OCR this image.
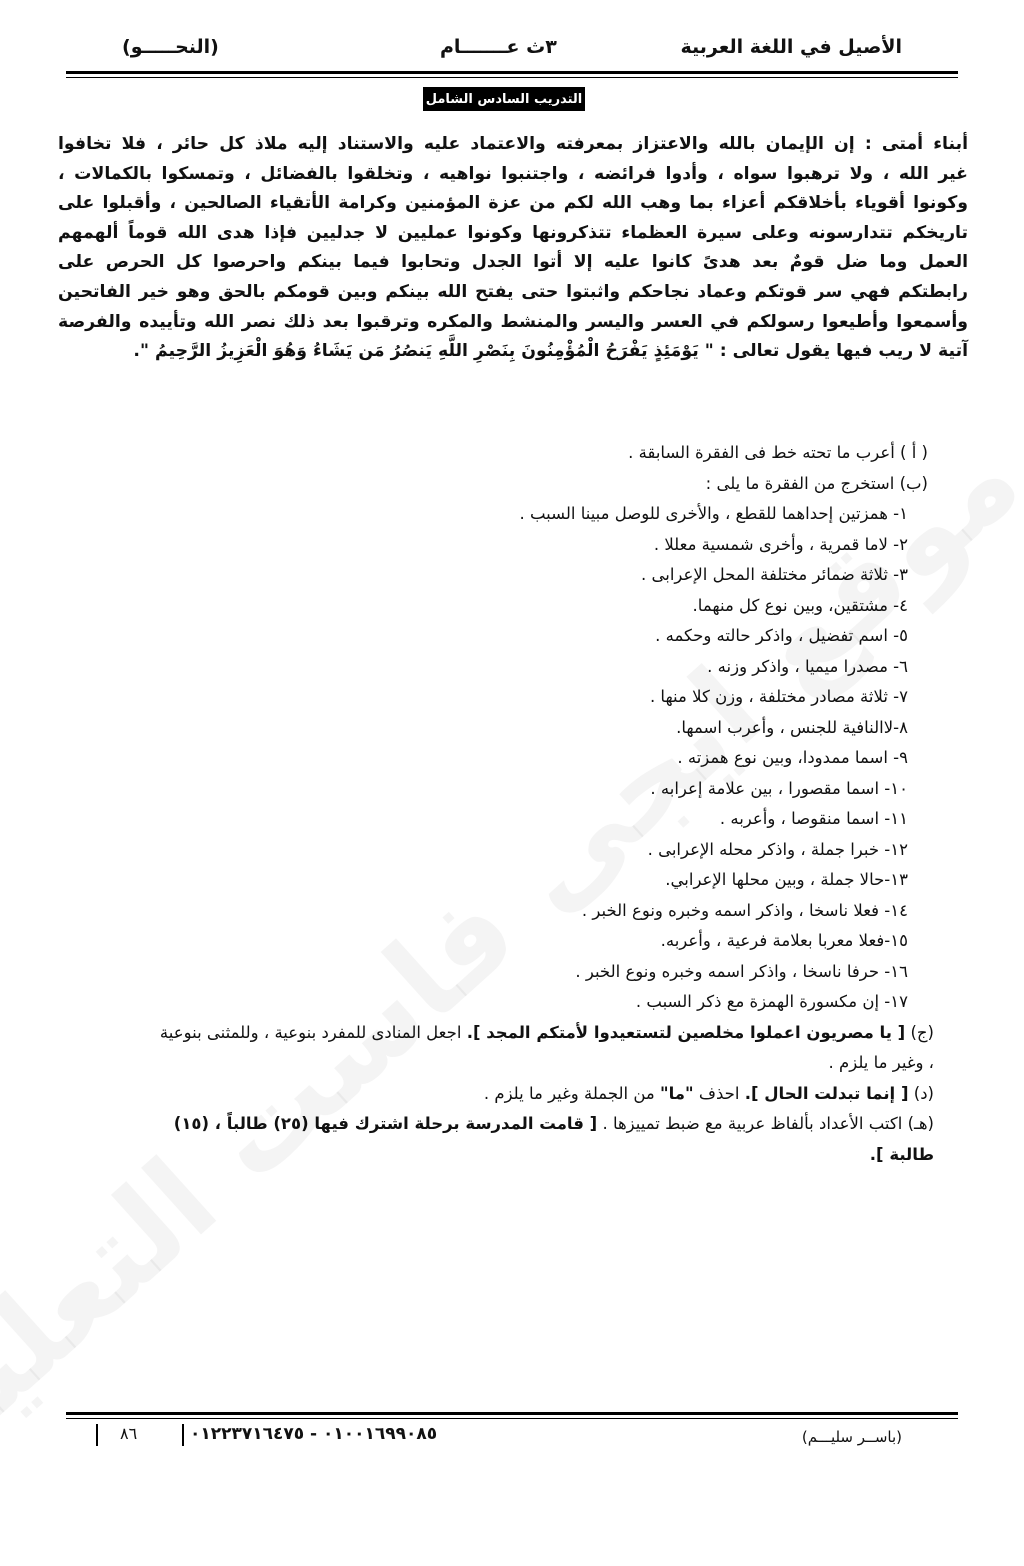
الأصيل في اللغة العربية
٣ث عـــــــام
(النحـــــو)
التدريب السادس الشامل

أبناء أمتى : إن الإيمان بالله والاعتزاز بمعرفته والاعتماد عليه والاستناد إليه ملاذ كل حائر ، فلا تخافوا

غير الله ، ولا ترهبوا سواه ، وأدوا فرائضه ، واجتنبوا نواهيه ، وتخلقوا بالفضائل ، وتمسكوا بالكمالات ،

وكونوا أقوياء بأخلاقكم أعزاء بما وهب الله لكم من عزة المؤمنين وكرامة الأتقياء الصالحين ، وأقبلوا على

تاريخكم تتدارسونه وعلى سيرة العظماء تتذكرونها وكونوا عمليين لا جدليين فإذا هدى الله قوماً ألهمهم

العمل وما ضل قومٌ بعد هدىً كانوا عليه إلا أتوا الجدل وتحابوا فيما بينكم واحرصوا كل الحرص على

رابطتكم فهي سر قوتكم وعماد نجاحكم واثبتوا حتى يفتح الله بينكم وبين قومكم بالحق وهو خير الفاتحين

وأسمعوا وأطيعوا رسولكم في العسر واليسر والمنشط والمكره وترقبوا بعد ذلك نصر الله وتأييده والفرصة

آتية لا ريب فيها يقول تعالى : " يَوْمَئِذٍ يَفْرَحُ الْمُؤْمِنُونَ بِنَصْرِ اللَّهِ يَنصُرُ مَن يَشَاءُ وَهُوَ الْعَزِيزُ الرَّحِيمُ ".

( أ ) أعرب ما تحته خط فى الفقرة السابقة .

(ب) استخرج من الفقرة ما يلى :

١- همزتين إحداهما للقطع ، والأخرى للوصل مبينا السبب .

٢- لاما قمرية ، وأخرى شمسية معللا .

٣- ثلاثة ضمائر مختلفة المحل الإعرابى .

٤- مشتقين، وبين نوع كل منهما.

٥- اسم تفضيل ، واذكر حالته وحكمه .

٦- مصدرا ميميا ، واذكر وزنه .

٧- ثلاثة مصادر مختلفة ، وزن كلا منها .

٨-لاالنافية للجنس ، وأعرب اسمها.

٩- اسما ممدودا، وبين نوع همزته .

١٠- اسما مقصورا ، بين علامة إعرابه .

١١- اسما منقوصا ، وأعربه .

١٢- خبرا جملة ، واذكر محله الإعرابى .

١٣-حالا جملة ، وبين محلها الإعرابي.

١٤- فعلا ناسخا ، واذكر اسمه وخبره ونوع الخبر .

١٥-فعلا معربا بعلامة فرعية ، وأعربه.

١٦- حرفا ناسخا ، واذكر اسمه وخبره ونوع الخبر .

١٧- إن مكسورة الهمزة مع ذكر السبب .

(ج) [ يا مصريون اعملوا مخلصين لتستعيدوا لأمتكم المجد ]. اجعل المنادى للمفرد بنوعية ، وللمثنى بنوعية

، وغير ما يلزم .

(د) [ إنما تبدلت الحال ]. احذف "ما" من الجملة وغير ما يلزم .

(هـ) اكتب الأعداد بألفاظ عربية مع ضبط تمييزها . [ قامت المدرسة برحلة اشترك فيها (٢٥) طالباً ، (١٥)

طالبة ].

٨٦	٠١٠٠١٦٩٩٠٨٥ - ٠١٢٢٣٧١٦٤٧٥	(باســر سليـــم)
